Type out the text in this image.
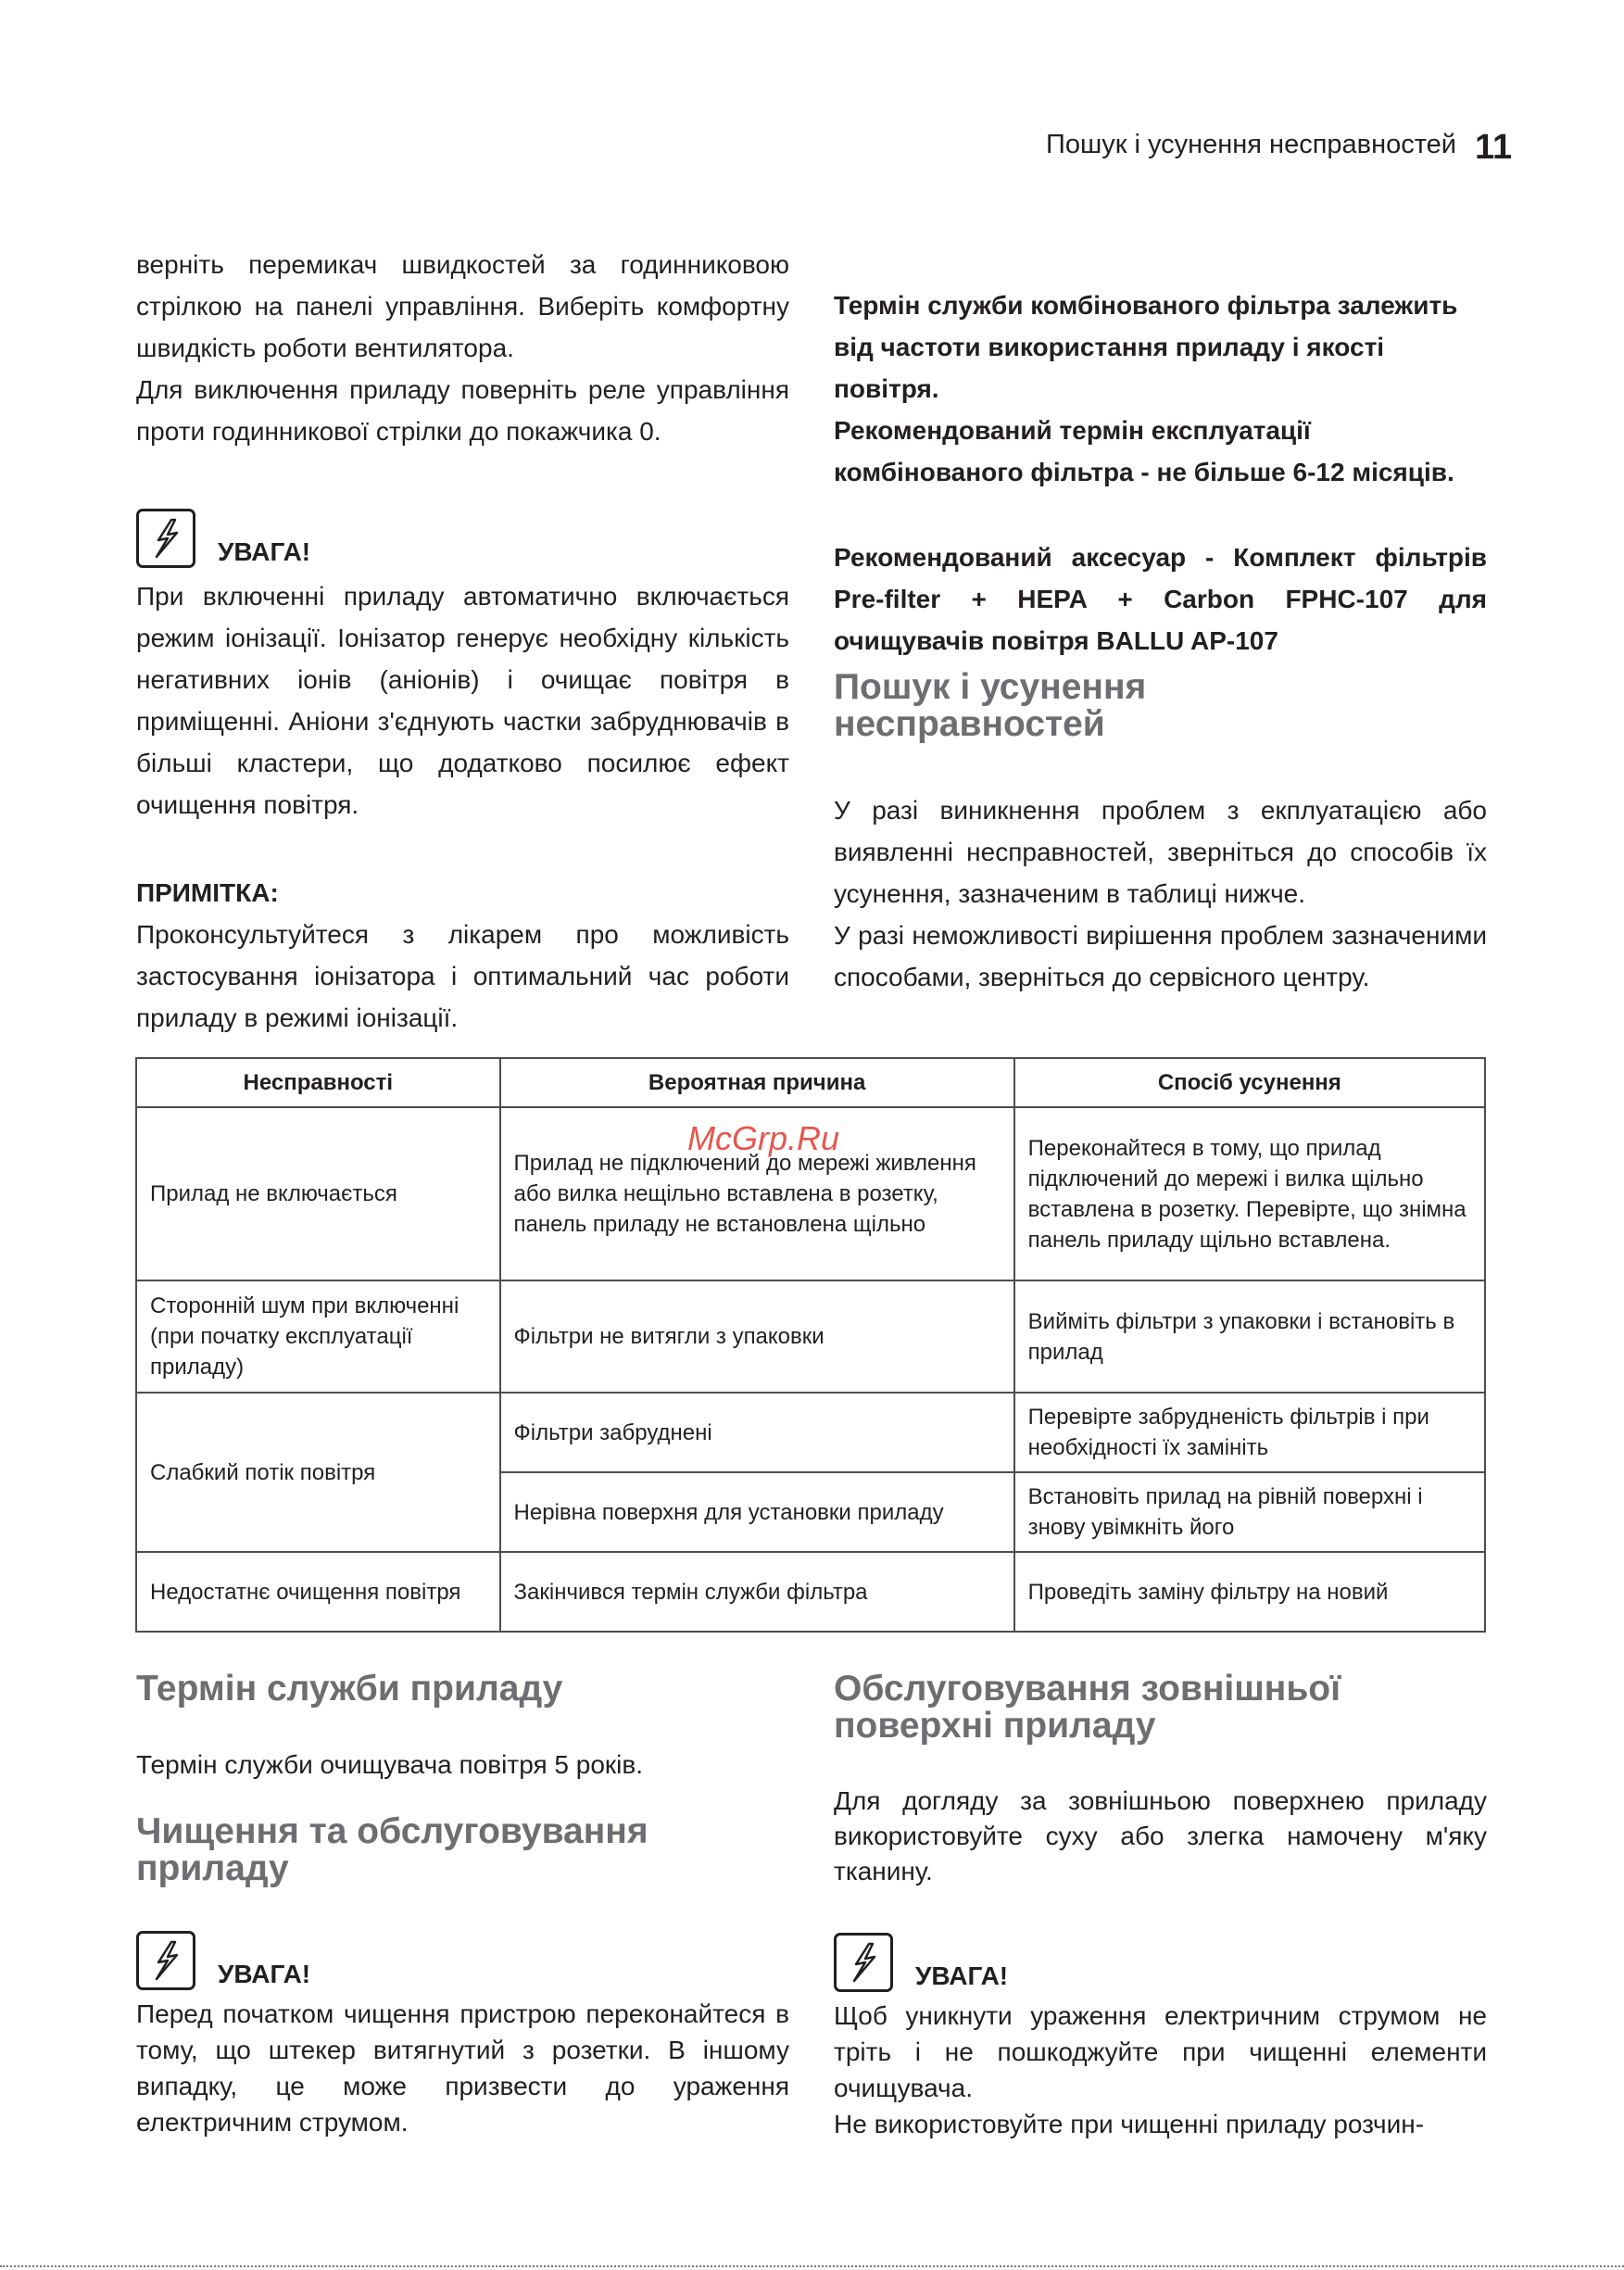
Пошук і усунення несправностей 11

верніть перемикач швидкостей за годинниковою стрілкою на панелі управління. Виберіть комфортну швидкість роботи вентилятора.

Для виключення приладу поверніть реле управління проти годинникової стрілки до покажчика 0.

УВАГА!

При включенні приладу автоматично включається режим іонізації. Іонізатор генерує необхідну кількість негативних іонів (аніонів) і очищає повітря в приміщенні. Аніони з'єднують частки забруднювачів в більші кластери, що додатково посилює ефект очищення повітря.

ПРИМІТКА:

Проконсультуйтеся з лікарем про можливість застосування іонізатора і оптимальний час роботи приладу в режимі іонізації.

Термін служби комбінованого фільтра залежить від частоти використання приладу і якості повітря.

Рекомендований термін експлуатації комбінованого фільтра - не більше 6-12 місяців.

Рекомендований аксесуар - Комплект фільтрів Pre-filter + HEPA + Carbon FPHC-107 для очищувачів повітря BALLU AP-107

Пошук і усунення несправностей

У разі виникнення проблем з екплуатацією або виявленні несправностей, зверніться до способів їх усунення, зазначеним в таблиці нижче.

У разі неможливості вирішення проблем зазначеними способами, зверніться до сервісного центру.

Несправності	Вероятная причина	Спосіб усунення
Прилад не включається	Прилад не підключений до мережі живлення або вилка нещільно вставлена в розетку, панель приладу не встановлена щільно	Переконайтеся в тому, що прилад підключений до мережі і вилка щільно вставлена в розетку. Перевірте, що знімна панель приладу щільно вставлена.
Сторонній шум при включенні (при початку експлуатації приладу)	Фільтри не витягли з упаковки	Вийміть фільтри з упаковки і встановіть в прилад
Слабкий потік повітря	Фільтри забруднені	Перевірте забрудненість фільтрів і при необхідності їх замініть
	Нерівна поверхня для установки приладу	Встановіть прилад на рівній поверхні і знову увімкніть його
Недостатнє очищення повітря	Закінчився термін служби фільтра	Проведіть заміну фільтру на новий
McGrp.Ru
Термін служби приладу

Термін служби очищувача повітря 5 років.

Чищення та обслуговування приладу
УВАГА!

Перед початком чищення пристрою переконайтеся в тому, що штекер витягнутий з розетки. В іншому випадку, це може призвести до ураження електричним струмом.

Обслуговування зовнішньої поверхні приладу

Для догляду за зовнішньою поверхнею приладу використовуйте суху або злегка намочену м'яку тканину.

УВАГА!

Щоб уникнути ураження електричним струмом не тріть і не пошкоджуйте при чищенні елементи очищувача.

Не використовуйте при чищенні приладу розчин-
